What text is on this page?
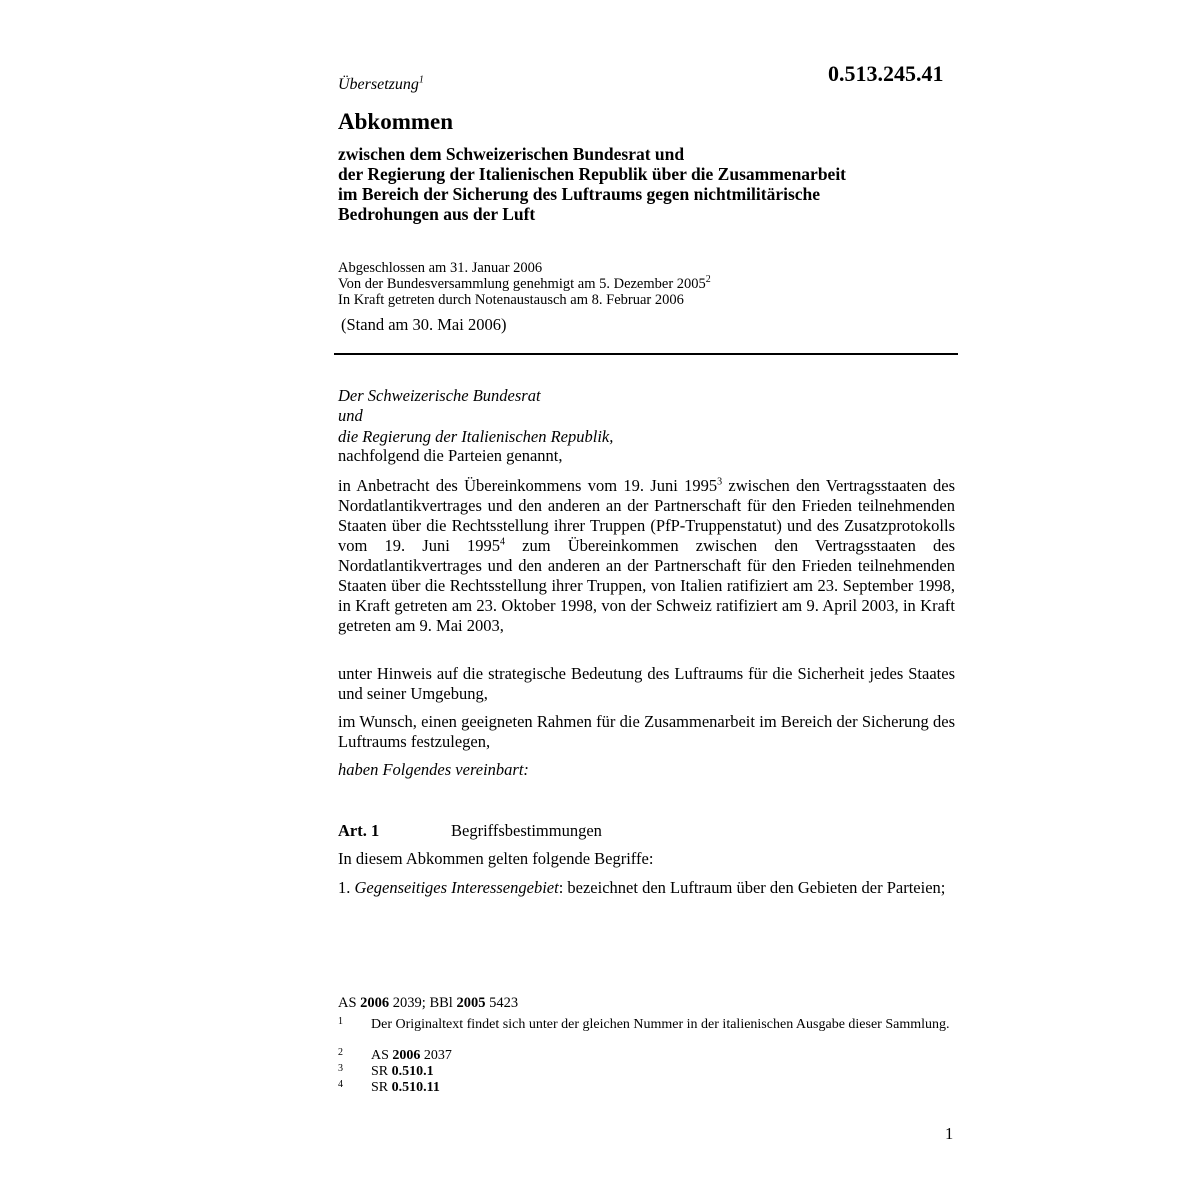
Übersetzung$^1$	0.513.245.41
Abkommen
zwischen dem Schweizerischen Bundesrat und
der Regierung der Italienischen Republik über die Zusammenarbeit
im Bereich der Sicherung des Luftraums gegen nichtmilitärische
Bedrohungen aus der Luft
Abgeschlossen am 31. Januar 2006
Von der Bundesversammlung genehmigt am 5. Dezember 2005$^2$
In Kraft getreten durch Notenaustausch am 8. Februar 2006
(Stand am 30. Mai 2006)
Der Schweizerische Bundesrat
und
die Regierung der Italienischen Republik,
nachfolgend die Parteien genannt,

in Anbetracht des Übereinkommens vom 19. Juni 1995$^3$ zwischen den Vertragsstaaten des Nordatlantikvertrages und den anderen an der Partnerschaft für den Frieden teilnehmenden Staaten über die Rechtsstellung ihrer Truppen (PfP-Truppenstatut) und des Zusatzprotokolls vom 19. Juni 1995$^4$ zum Übereinkommen zwischen den Vertragsstaaten des Nordatlantikvertrages und den anderen an der Partnerschaft für den Frieden teilnehmenden Staaten über die Rechtsstellung ihrer Truppen, von Italien ratifiziert am 23. September 1998, in Kraft getreten am 23. Oktober 1998, von der Schweiz ratifiziert am 9. April 2003, in Kraft getreten am 9. Mai 2003,

unter Hinweis auf die strategische Bedeutung des Luftraums für die Sicherheit jedes Staates und seiner Umgebung,

im Wunsch, einen geeigneten Rahmen für die Zusammenarbeit im Bereich der Sicherung des Luftraums festzulegen,

haben Folgendes vereinbart:
Art. 1	Begriffsbestimmungen
In diesem Abkommen gelten folgende Begriffe:

1. Gegenseitiges Interessengebiet: bezeichnet den Luftraum über den Gebieten der Parteien;

AS 2006 2039; BBl 2005 5423
1 Der Originaltext findet sich unter der gleichen Nummer in der italienischen Ausgabe dieser Sammlung.
2 AS 2006 2037
3 SR 0.510.1
4 SR 0.510.11
1
